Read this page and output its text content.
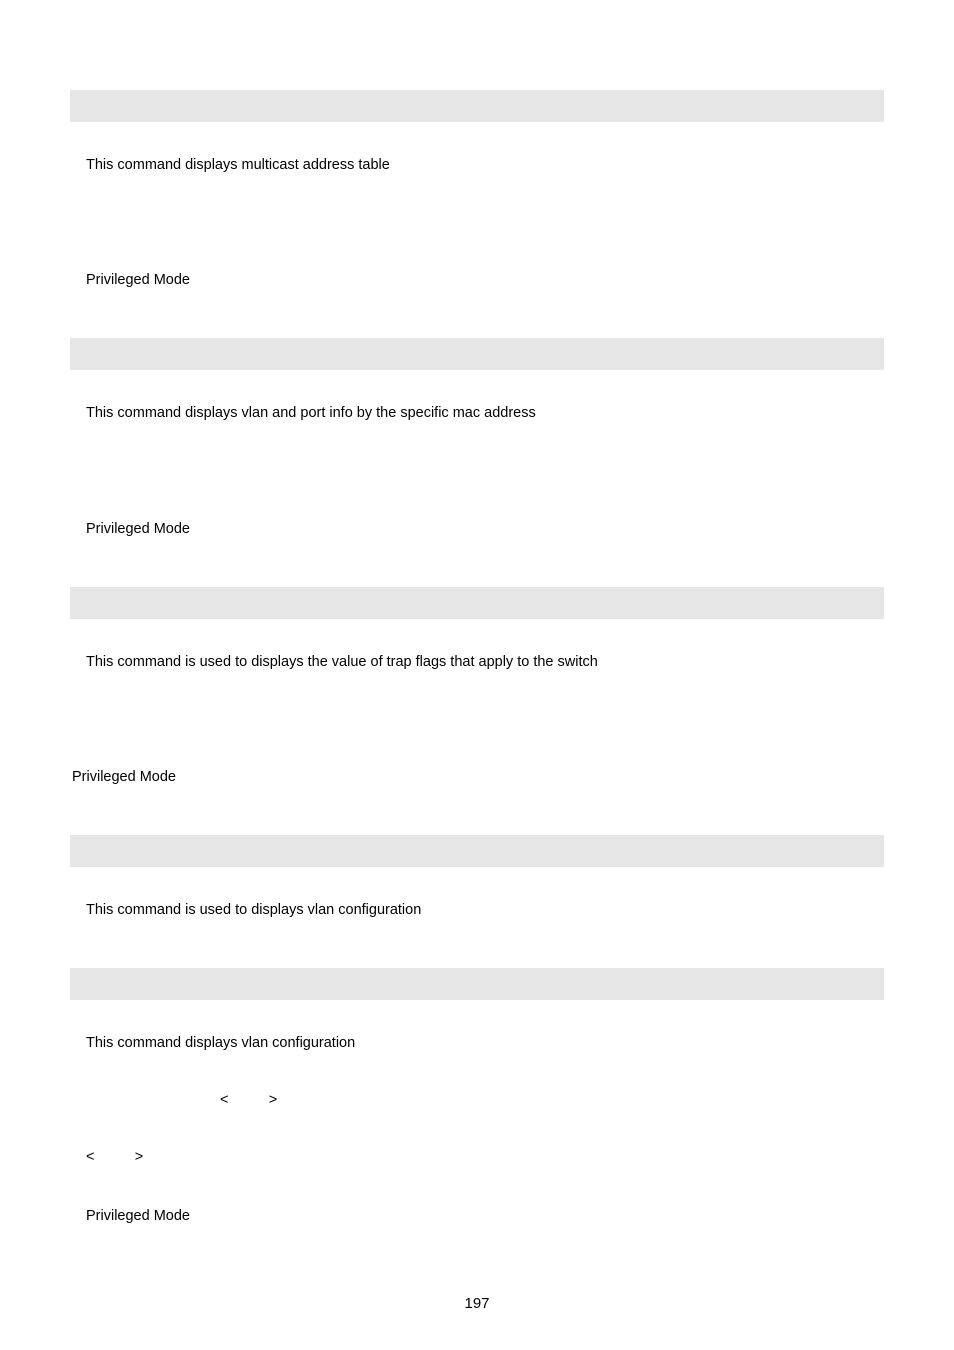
This command displays multicast address table
Privileged Mode
This command displays vlan and port info by the specific mac address
Privileged Mode
This command is used to displays the value of trap flags that apply to the switch
Privileged Mode
This command is used to displays vlan configuration
This command displays vlan configuration
<          >
<          >
Privileged Mode
197
